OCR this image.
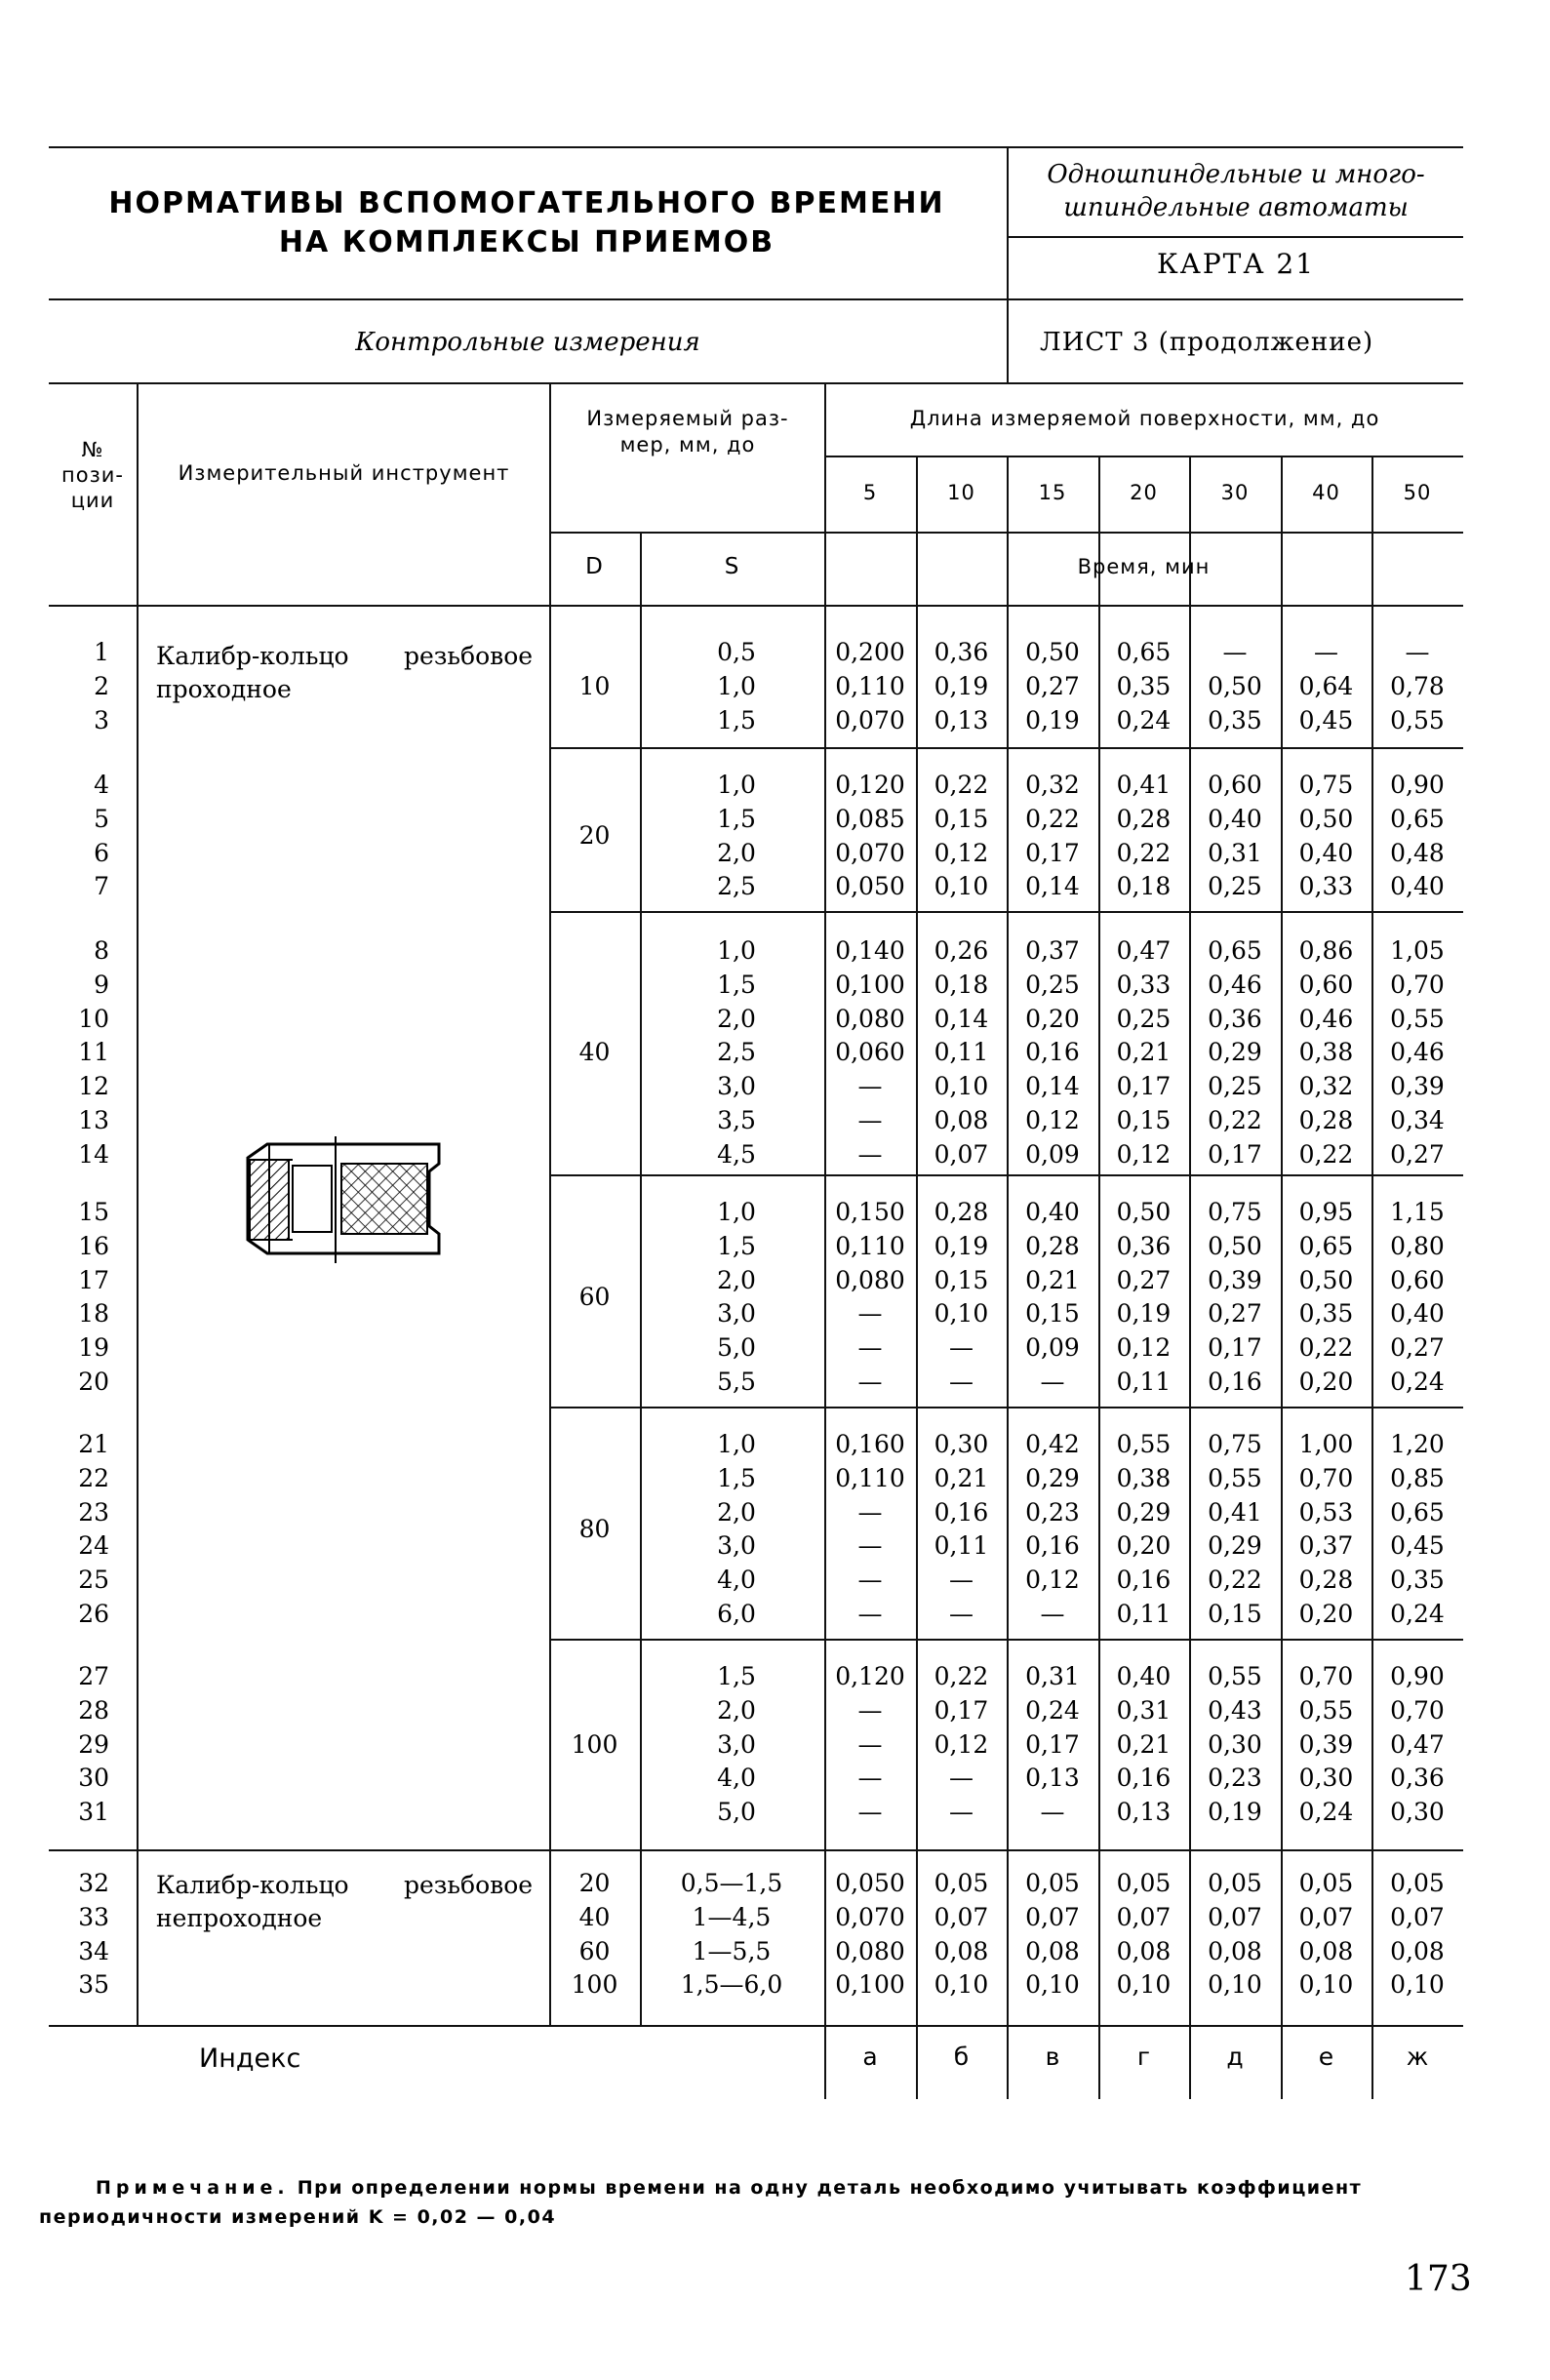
НОРМАТИВЫ ВСПОМОГАТЕЛЬНОГО ВРЕМЕНИ
НА КОМПЛЕКСЫ ПРИЕМОВ
Одношпиндельные и много-
шпиндельные автоматы
КАРТА 21
Контрольные измерения	ЛИСТ 3 (продолжение)
№
пози-
ции
Измерительный инструмент
Измеряемый раз-
мер, мм, до
Длина измеряемой поверхности, мм, до
5	10	15	20	30	40	50
D	S	Время, мин
Калибр-кольцо резьбовое
проходное
Калибр-кольцо резьбовое
непроходное
10
1	0,5	0,200	0,36	0,50	0,65	—	—	—
2	1,0	0,110	0,19	0,27	0,35	0,50	0,64	0,78
3	1,5	0,070	0,13	0,19	0,24	0,35	0,45	0,55
20
4	1,0	0,120	0,22	0,32	0,41	0,60	0,75	0,90
5	1,5	0,085	0,15	0,22	0,28	0,40	0,50	0,65
6	2,0	0,070	0,12	0,17	0,22	0,31	0,40	0,48
7	2,5	0,050	0,10	0,14	0,18	0,25	0,33	0,40
40
8	1,0	0,140	0,26	0,37	0,47	0,65	0,86	1,05
9	1,5	0,100	0,18	0,25	0,33	0,46	0,60	0,70
10	2,0	0,080	0,14	0,20	0,25	0,36	0,46	0,55
11	2,5	0,060	0,11	0,16	0,21	0,29	0,38	0,46
12	3,0	—	0,10	0,14	0,17	0,25	0,32	0,39
13	3,5	—	0,08	0,12	0,15	0,22	0,28	0,34
14	4,5	—	0,07	0,09	0,12	0,17	0,22	0,27
60
15	1,0	0,150	0,28	0,40	0,50	0,75	0,95	1,15
16	1,5	0,110	0,19	0,28	0,36	0,50	0,65	0,80
17	2,0	0,080	0,15	0,21	0,27	0,39	0,50	0,60
18	3,0	—	0,10	0,15	0,19	0,27	0,35	0,40
19	5,0	—	—	0,09	0,12	0,17	0,22	0,27
20	5,5	—	—	—	0,11	0,16	0,20	0,24
80
21	1,0	0,160	0,30	0,42	0,55	0,75	1,00	1,20
22	1,5	0,110	0,21	0,29	0,38	0,55	0,70	0,85
23	2,0	—	0,16	0,23	0,29	0,41	0,53	0,65
24	3,0	—	0,11	0,16	0,20	0,29	0,37	0,45
25	4,0	—	—	0,12	0,16	0,22	0,28	0,35
26	6,0	—	—	—	0,11	0,15	0,20	0,24
100
27	1,5	0,120	0,22	0,31	0,40	0,55	0,70	0,90
28	2,0	—	0,17	0,24	0,31	0,43	0,55	0,70
29	3,0	—	0,12	0,17	0,21	0,30	0,39	0,47
30	4,0	—	—	0,13	0,16	0,23	0,30	0,36
31	5,0	—	—	—	0,13	0,19	0,24	0,30
32	20	0,5—1,5	0,050	0,05	0,05	0,05	0,05	0,05	0,05
33	40	1—4,5	0,070	0,07	0,07	0,07	0,07	0,07	0,07
34	60	1—5,5	0,080	0,08	0,08	0,08	0,08	0,08	0,08
35	100	1,5—6,0	0,100	0,10	0,10	0,10	0,10	0,10	0,10
Индекс	а	б	в	г	д	е	ж
Примечание. При определении нормы времени на одну деталь необходимо учитывать коэффициент
периодичности измерений K = 0,02 — 0,04
173
